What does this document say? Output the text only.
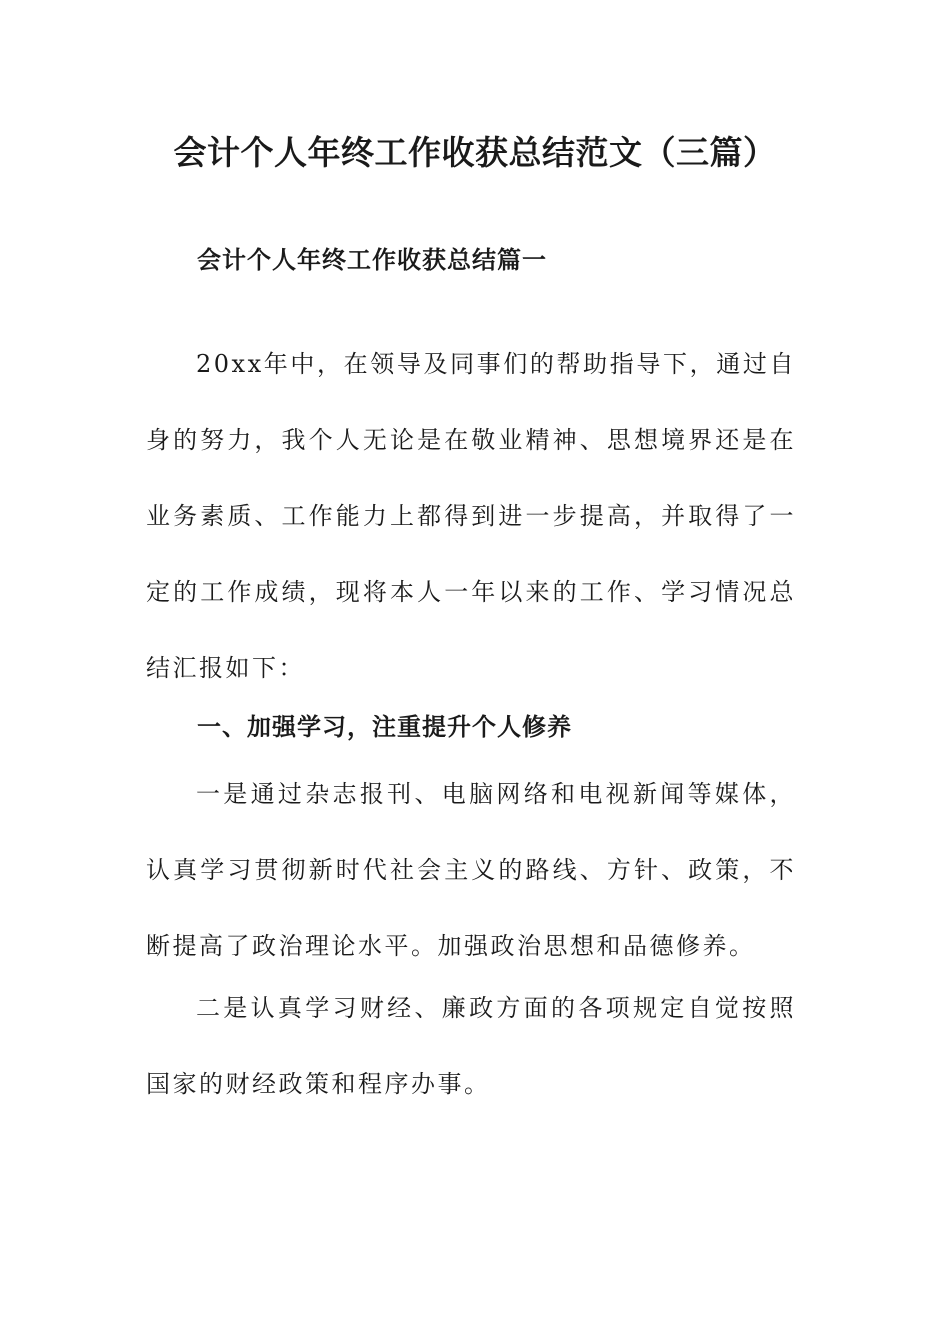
会计个人年终工作收获总结范文（三篇）
会计个人年终工作收获总结篇一

20xx年中，在领导及同事们的帮助指导下，通过自身的努力，我个人无论是在敬业精神、思想境界还是在业务素质、工作能力上都得到进一步提高，并取得了一定的工作成绩，现将本人一年以来的工作、学习情况总结汇报如下：

一、加强学习，注重提升个人修养

一是通过杂志报刊、电脑网络和电视新闻等媒体，认真学习贯彻新时代社会主义的路线、方针、政策，不断提高了政治理论水平。加强政治思想和品德修养。

二是认真学习财经、廉政方面的各项规定自觉按照国家的财经政策和程序办事。
